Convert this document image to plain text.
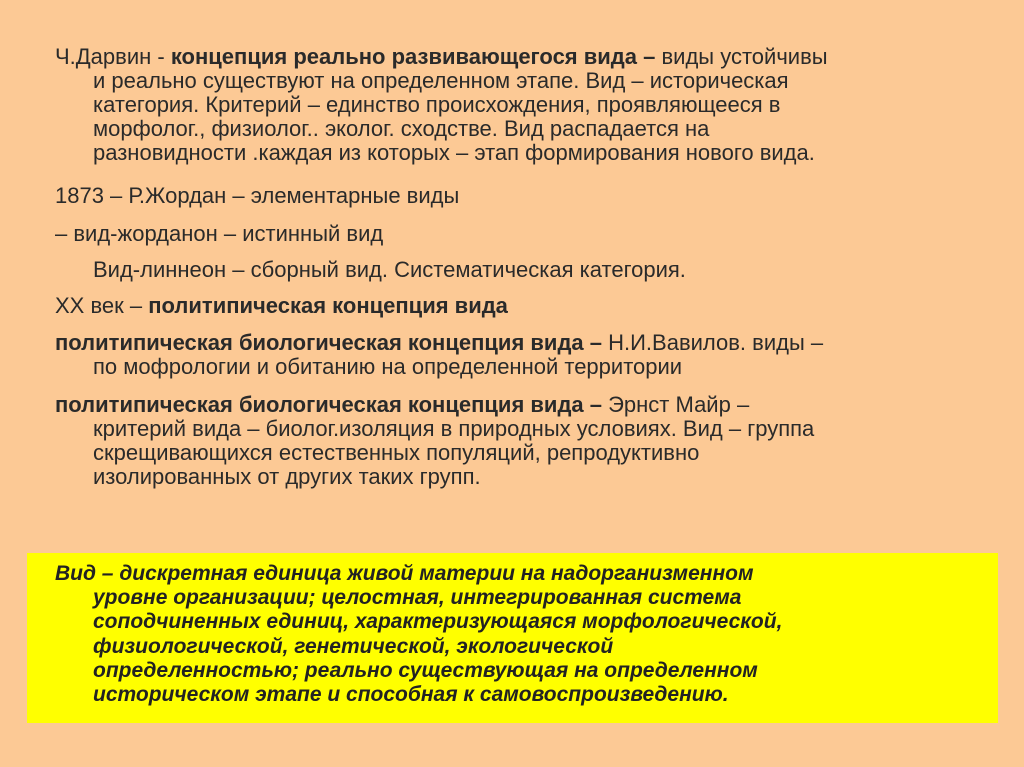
Ч.Дарвин - концепция реально развивающегося вида – виды устойчивы
и реально существуют на определенном этапе. Вид – историческая
категория. Критерий – единство происхождения, проявляющееся в
морфолог., физиолог.. эколог. сходстве. Вид распадается на
разновидности .каждая из которых – этап формирования нового вида.

1873 – Р.Жордан – элементарные виды

– вид-жорданон – истинный вид

Вид-линнеон – сборный вид. Систематическая категория.

XX век – политипическая концепция вида

политипическая биологическая концепция вида – Н.И.Вавилов. виды –
по мофрологии и обитанию на определенной территории

политипическая биологическая концепция вида – Эрнст Майр –
критерий вида – биолог.изоляция в природных условиях. Вид – группа
скрещивающихся естественных популяций, репродуктивно
изолированных от других таких групп.

Вид – дискретная единица живой материи на надорганизменном
уровне организации; целостная, интегрированная система
соподчиненных единиц, характеризующаяся морфологической,
физиологической, генетической, экологической
определенностью; реально существующая на определенном
историческом этапе и способная к самовоспроизведению.
